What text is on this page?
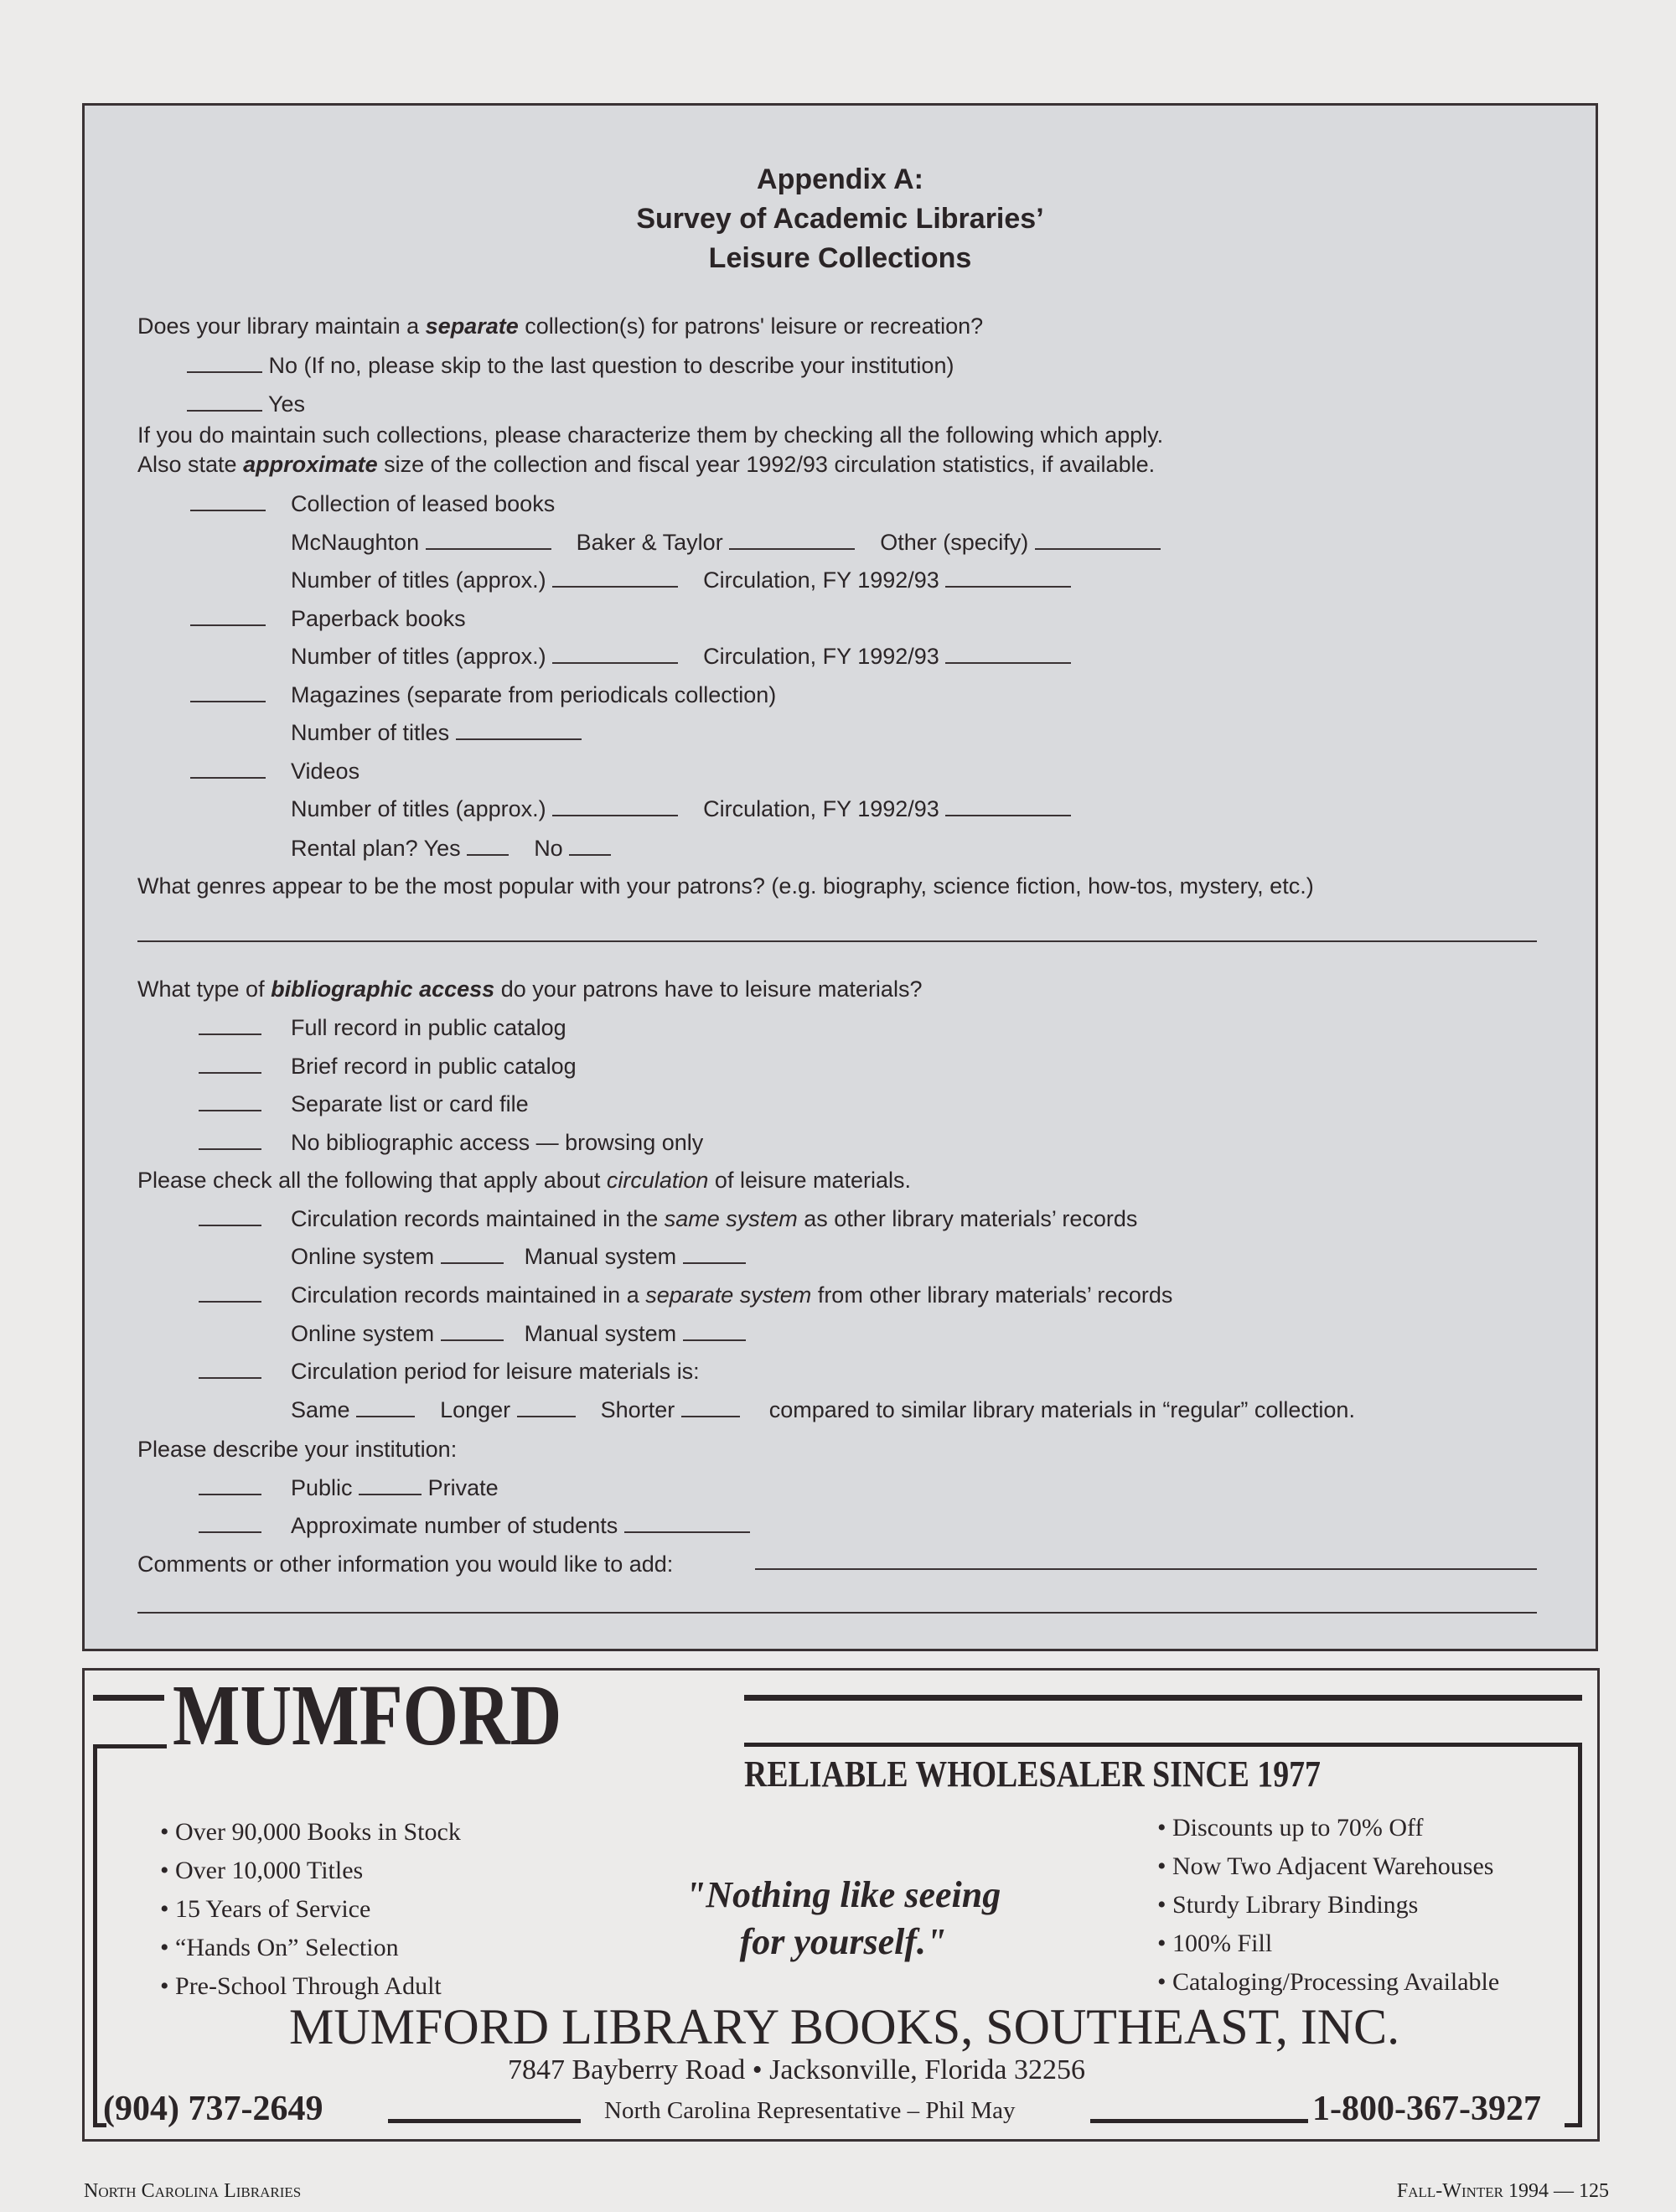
Appendix A:
Survey of Academic Libraries’
Leisure Collections
Does your library maintain a separate collection(s) for patrons' leisure or recreation?
No (If no, please skip to the last question to describe your institution)
Yes
If you do maintain such collections, please characterize them by checking all the following which apply.
Also state approximate size of the collection and fiscal year 1992/93 circulation statistics, if available.
Collection of leased books
McNaughton	Baker & Taylor	Other (specify)
Number of titles (approx.)	Circulation, FY 1992/93
Paperback books
Number of titles (approx.)	Circulation, FY 1992/93
Magazines (separate from periodicals collection)
Number of titles
Videos
Number of titles (approx.)	Circulation, FY 1992/93
Rental plan? Yes	No
What genres appear to be the most popular with your patrons? (e.g. biography, science fiction, how-tos, mystery, etc.)
What type of bibliographic access do your patrons have to leisure materials?
Full record in public catalog
Brief record in public catalog
Separate list or card file
No bibliographic access — browsing only
Please check all the following that apply about circulation of leisure materials.
Circulation records maintained in the same system as other library materials’ records
Online system	Manual system
Circulation records maintained in a separate system from other library materials’ records
Online system	Manual system
Circulation period for leisure materials is:
Same	Longer	Shorter	compared to similar library materials in “regular” collection.
Please describe your institution:
Public	Private
Approximate number of students
Comments or other information you would like to add:
MUMFORD
RELIABLE WHOLESALER SINCE 1977
• Over 90,000 Books in Stock
• Over 10,000 Titles
• 15 Years of Service
• “Hands On” Selection
• Pre-School Through Adult
"Nothing like seeing
for yourself."
• Discounts up to 70% Off
• Now Two Adjacent Warehouses
• Sturdy Library Bindings
• 100% Fill
• Cataloging/Processing Available
MUMFORD LIBRARY BOOKS, SOUTHEAST, INC.
7847 Bayberry Road • Jacksonville, Florida 32256
(904) 737-2649	North Carolina Representative – Phil May	1-800-367-3927
North Carolina Libraries	Fall-Winter 1994 — 125
